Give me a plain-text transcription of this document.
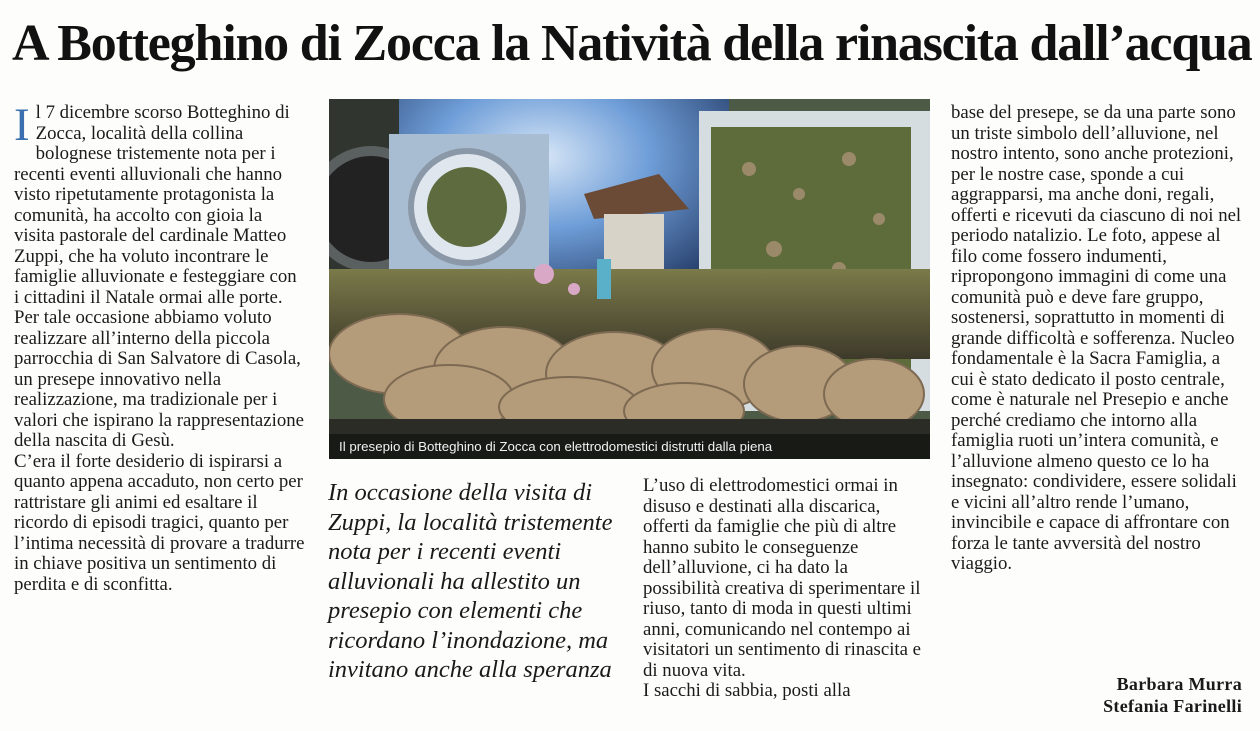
A Botteghino di Zocca la Natività della rinascita dall’acqua
I l 7 dicembre scorso Botteghino di Zocca, località della collina bolognese tristemente nota per i recenti eventi alluvionali che hanno visto ripetutamente protagonista la comunità, ha accolto con gioia la visita pastorale del cardinale Matteo Zuppi, che ha voluto incontrare le famiglie alluvionate e festeggiare con i cittadini il Natale ormai alle porte. Per tale occasione abbiamo voluto realizzare all’interno della piccola parrocchia di San Salvatore di Casola, un presepe innovativo nella realizzazione, ma tradizionale per i valori che ispirano la rappresentazione della nascita di Gesù.

C’era il forte desiderio di ispirarsi a quanto appena accaduto, non certo per rattristare gli animi ed esaltare il ricordo di episodi tragici, quanto per l’intima necessità di provare a tradurre in chiave positiva un sentimento di perdita e di sconfitta.

Il presepio di Botteghino di Zocca con elettrodomestici distrutti dalla piena
In occasione della visita di Zuppi, la località tristemente nota per i recenti eventi alluvionali ha allestito un presepio con elementi che ricordano l’inondazione, ma invitano anche alla speranza

L’uso di elettrodomestici ormai in disuso e destinati alla discarica, offerti da famiglie che più di altre hanno subito le conseguenze dell’alluvione, ci ha dato la possibilità creativa di sperimentare il riuso, tanto di moda in questi ultimi anni, comunicando nel contempo ai visitatori un sentimento di rinascita e di nuova vita.

I sacchi di sabbia, posti alla

base del presepe, se da una parte sono un triste simbolo dell’alluvione, nel nostro intento, sono anche protezioni, per le nostre case, sponde a cui aggrapparsi, ma anche doni, regali, offerti e ricevuti da ciascuno di noi nel periodo natalizio. Le foto, appese al filo come fossero indumenti, ripropongono immagini di come una comunità può e deve fare gruppo, sostenersi, soprattutto in momenti di grande difficoltà e sofferenza. Nucleo fondamentale è la Sacra Famiglia, a cui è stato dedicato il posto centrale, come è naturale nel Presepio e anche perché crediamo che intorno alla famiglia ruoti un’intera comunità, e l’alluvione almeno questo ce lo ha insegnato: condividere, essere solidali e vicini all’altro rende l’umano, invincibile e capace di affrontare con forza le tante avversità del nostro viaggio.

Barbara Murra
Stefania Farinelli
